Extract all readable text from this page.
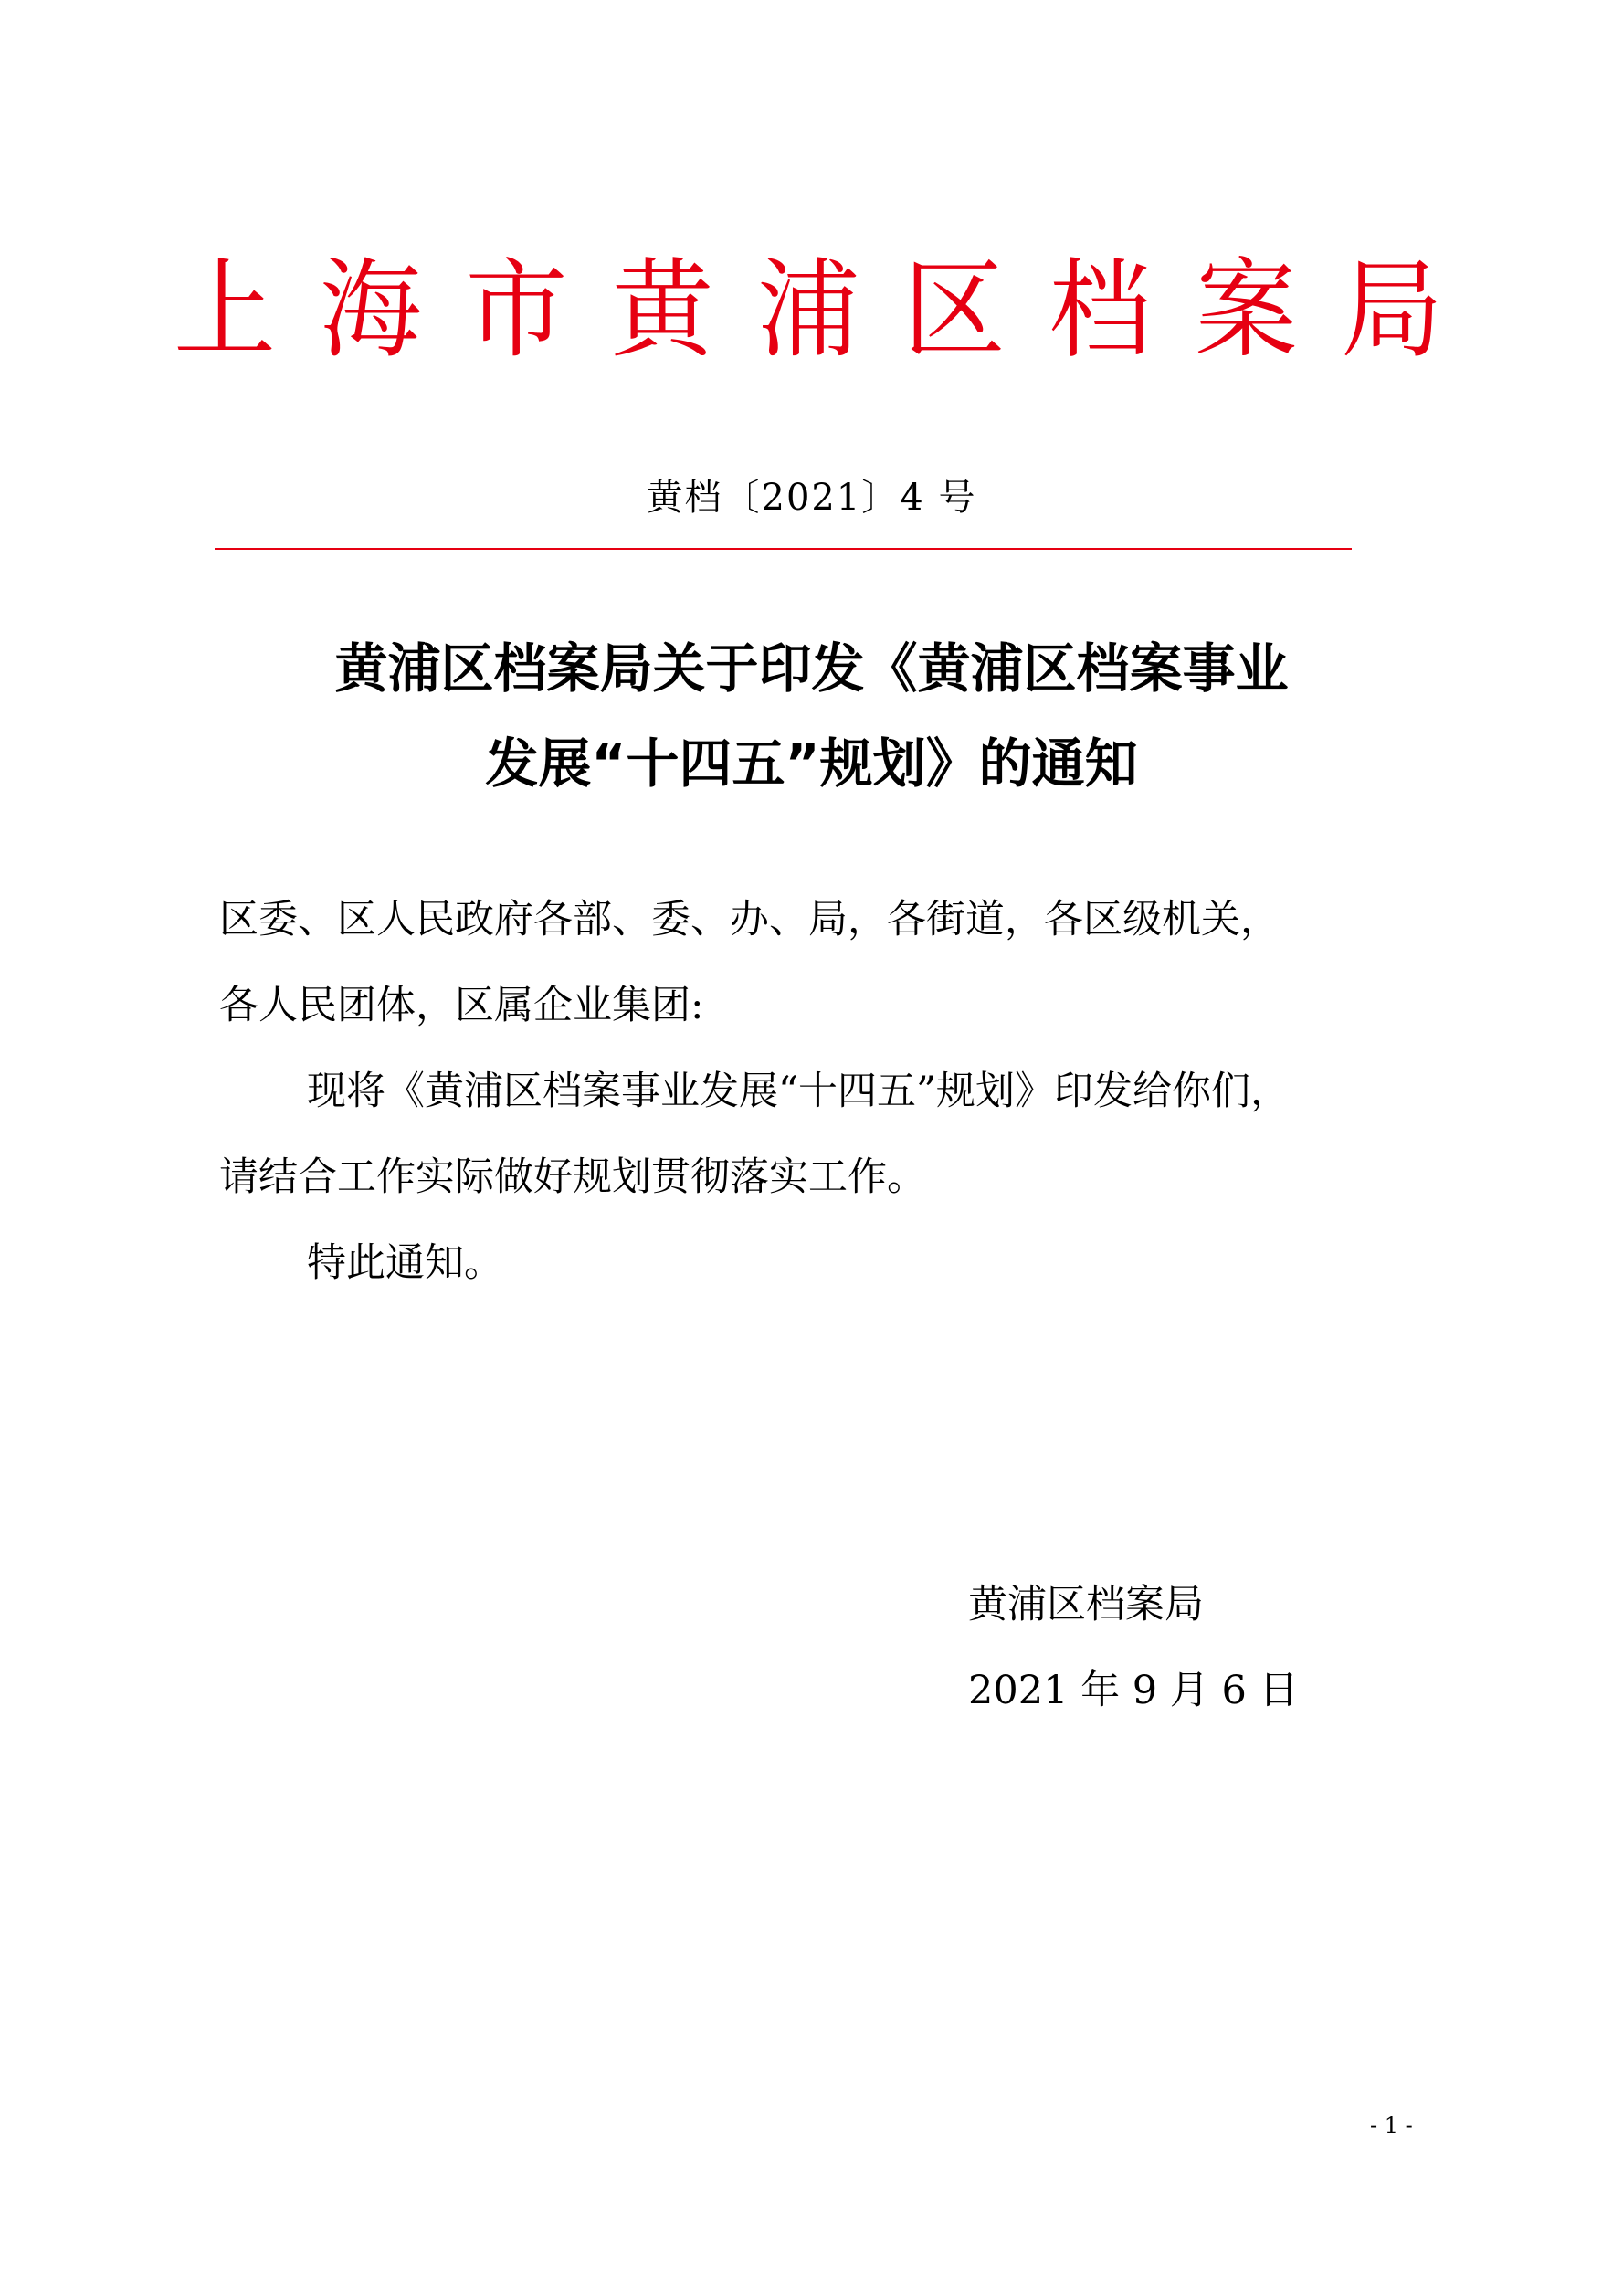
上 海 市 黄 浦 区 档 案 局
黄档〔2021〕4 号
黄浦区档案局关于印发《黄浦区档案事业
发展“十四五”规划》的通知

区委、区人民政府各部、委、办、局，各街道，各区级机关，

各人民团体，区属企业集团:

现将《黄浦区档案事业发展“十四五”规划》印发给你们，

请结合工作实际做好规划贯彻落实工作。

特此通知。

黄浦区档案局
2021 年 9 月 6 日
- 1 -
